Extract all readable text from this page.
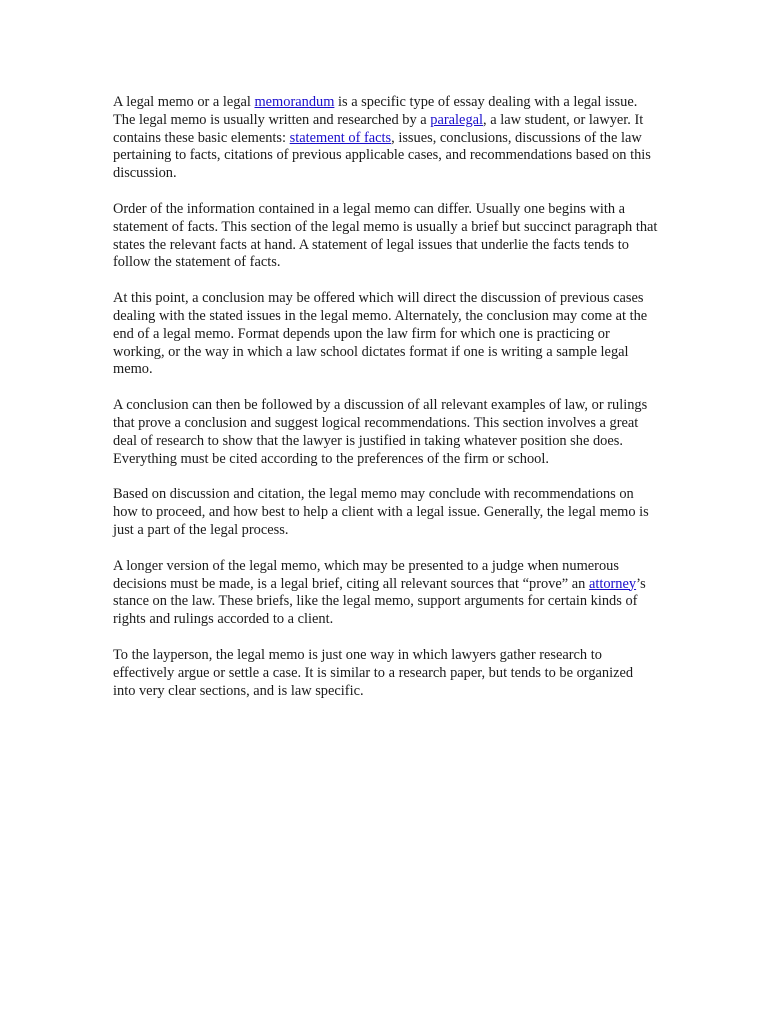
A legal memo or a legal memorandum is a specific type of essay dealing with a legal issue. The legal memo is usually written and researched by a paralegal, a law student, or lawyer. It contains these basic elements: statement of facts, issues, conclusions, discussions of the law pertaining to facts, citations of previous applicable cases, and recommendations based on this discussion.

Order of the information contained in a legal memo can differ. Usually one begins with a statement of facts. This section of the legal memo is usually a brief but succinct paragraph that states the relevant facts at hand. A statement of legal issues that underlie the facts tends to follow the statement of facts.

At this point, a conclusion may be offered which will direct the discussion of previous cases dealing with the stated issues in the legal memo. Alternately, the conclusion may come at the end of a legal memo. Format depends upon the law firm for which one is practicing or working, or the way in which a law school dictates format if one is writing a sample legal memo.

A conclusion can then be followed by a discussion of all relevant examples of law, or rulings that prove a conclusion and suggest logical recommendations. This section involves a great deal of research to show that the lawyer is justified in taking whatever position she does. Everything must be cited according to the preferences of the firm or school.

Based on discussion and citation, the legal memo may conclude with recommendations on how to proceed, and how best to help a client with a legal issue. Generally, the legal memo is just a part of the legal process.

A longer version of the legal memo, which may be presented to a judge when numerous decisions must be made, is a legal brief, citing all relevant sources that “prove” an attorney’s stance on the law. These briefs, like the legal memo, support arguments for certain kinds of rights and rulings accorded to a client.

To the layperson, the legal memo is just one way in which lawyers gather research to effectively argue or settle a case. It is similar to a research paper, but tends to be organized into very clear sections, and is law specific.
